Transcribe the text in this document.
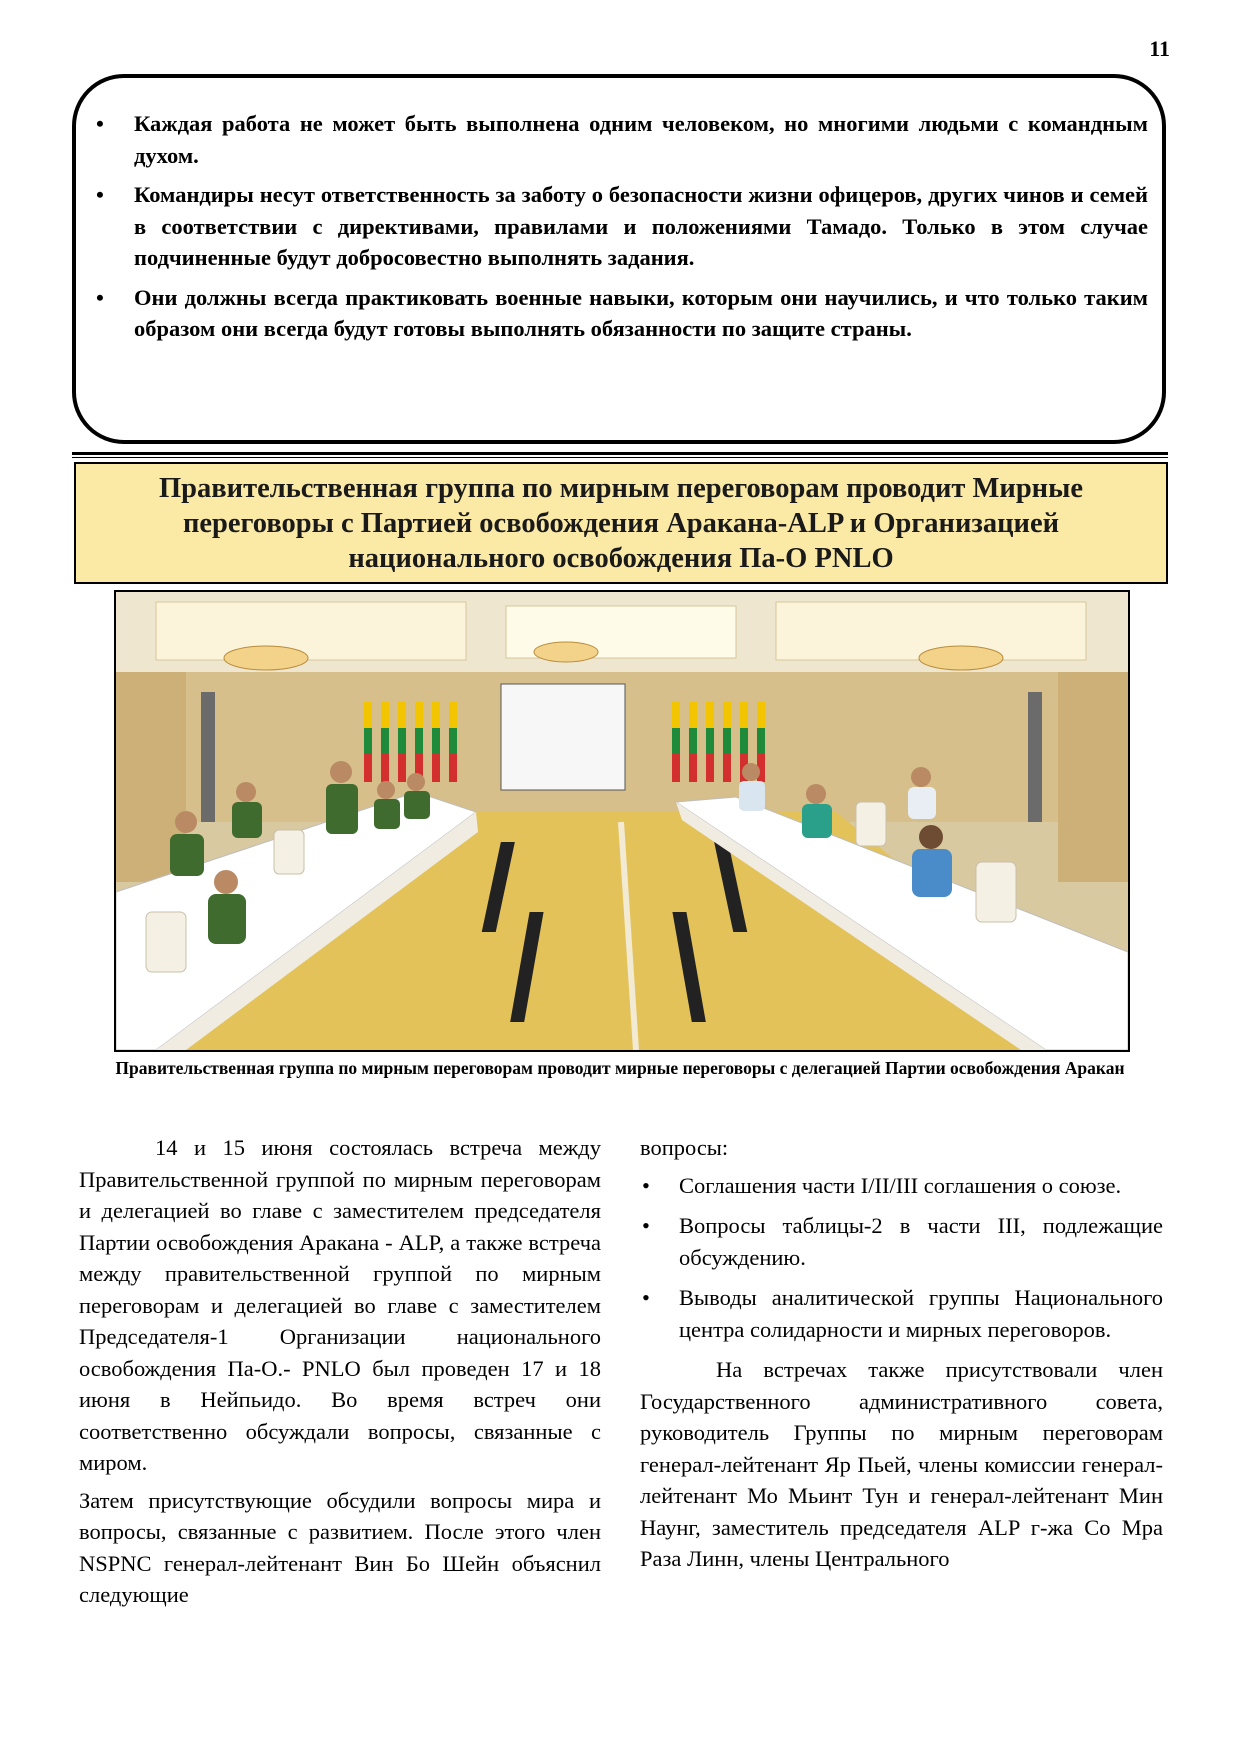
11
• Каждая работа не может быть выполнена одним человеком, но многими людьми с командным духом.
• Командиры несут ответственность за заботу о безопасности жизни офицеров, других чинов и семей в соответствии с директивами, правилами и положениями Тамадо. Только в этом случае подчиненные будут добросовестно выполнять задания.
• Они должны всегда практиковать военные навыки, которым они научились, и что только таким образом они всегда будут готовы выполнять обязанности по защите страны.
Правительственная группа по мирным переговорам проводит Мирные переговоры с Партией освобождения Аракана-ALP и Организацией национального освобождения Па-О PNLO
Правительственная группа по мирным переговорам проводит мирные переговоры с делегацией Партии освобождения Аракан

14 и 15 июня состоялась встреча между Правительственной группой по мирным переговорам и делегацией во главе с заместителем председателя Партии освобождения Аракана - ALP, а также встреча между правительственной группой по мирным переговорам и делегацией во главе с заместителем Председателя-1 Организации национального освобождения Па-О.- PNLO был проведен 17 и 18 июня в Нейпьидо. Во время встреч они соответственно обсуждали вопросы, связанные с миром.

Затем присутствующие обсудили вопросы мира и вопросы, связанные с развитием. После этого член NSPNC генерал-лейтенант Вин Бо Шейн объяснил следующие

вопросы:

• Соглашения части I/II/III соглашения о союзе.
• Вопросы таблицы-2 в части III, подлежащие обсуждению.
• Выводы аналитической группы Национального центра солидарности и мирных переговоров.

На встречах также присутствовали член Государственного административного совета, руководитель Группы по мирным переговорам генерал-лейтенант Яр Пьей, члены комиссии генерал-лейтенант Мо Мьинт Тун и генерал-лейтенант Мин Наунг, заместитель председателя ALP г-жа Со Мра Раза Линн, члены Центрального
